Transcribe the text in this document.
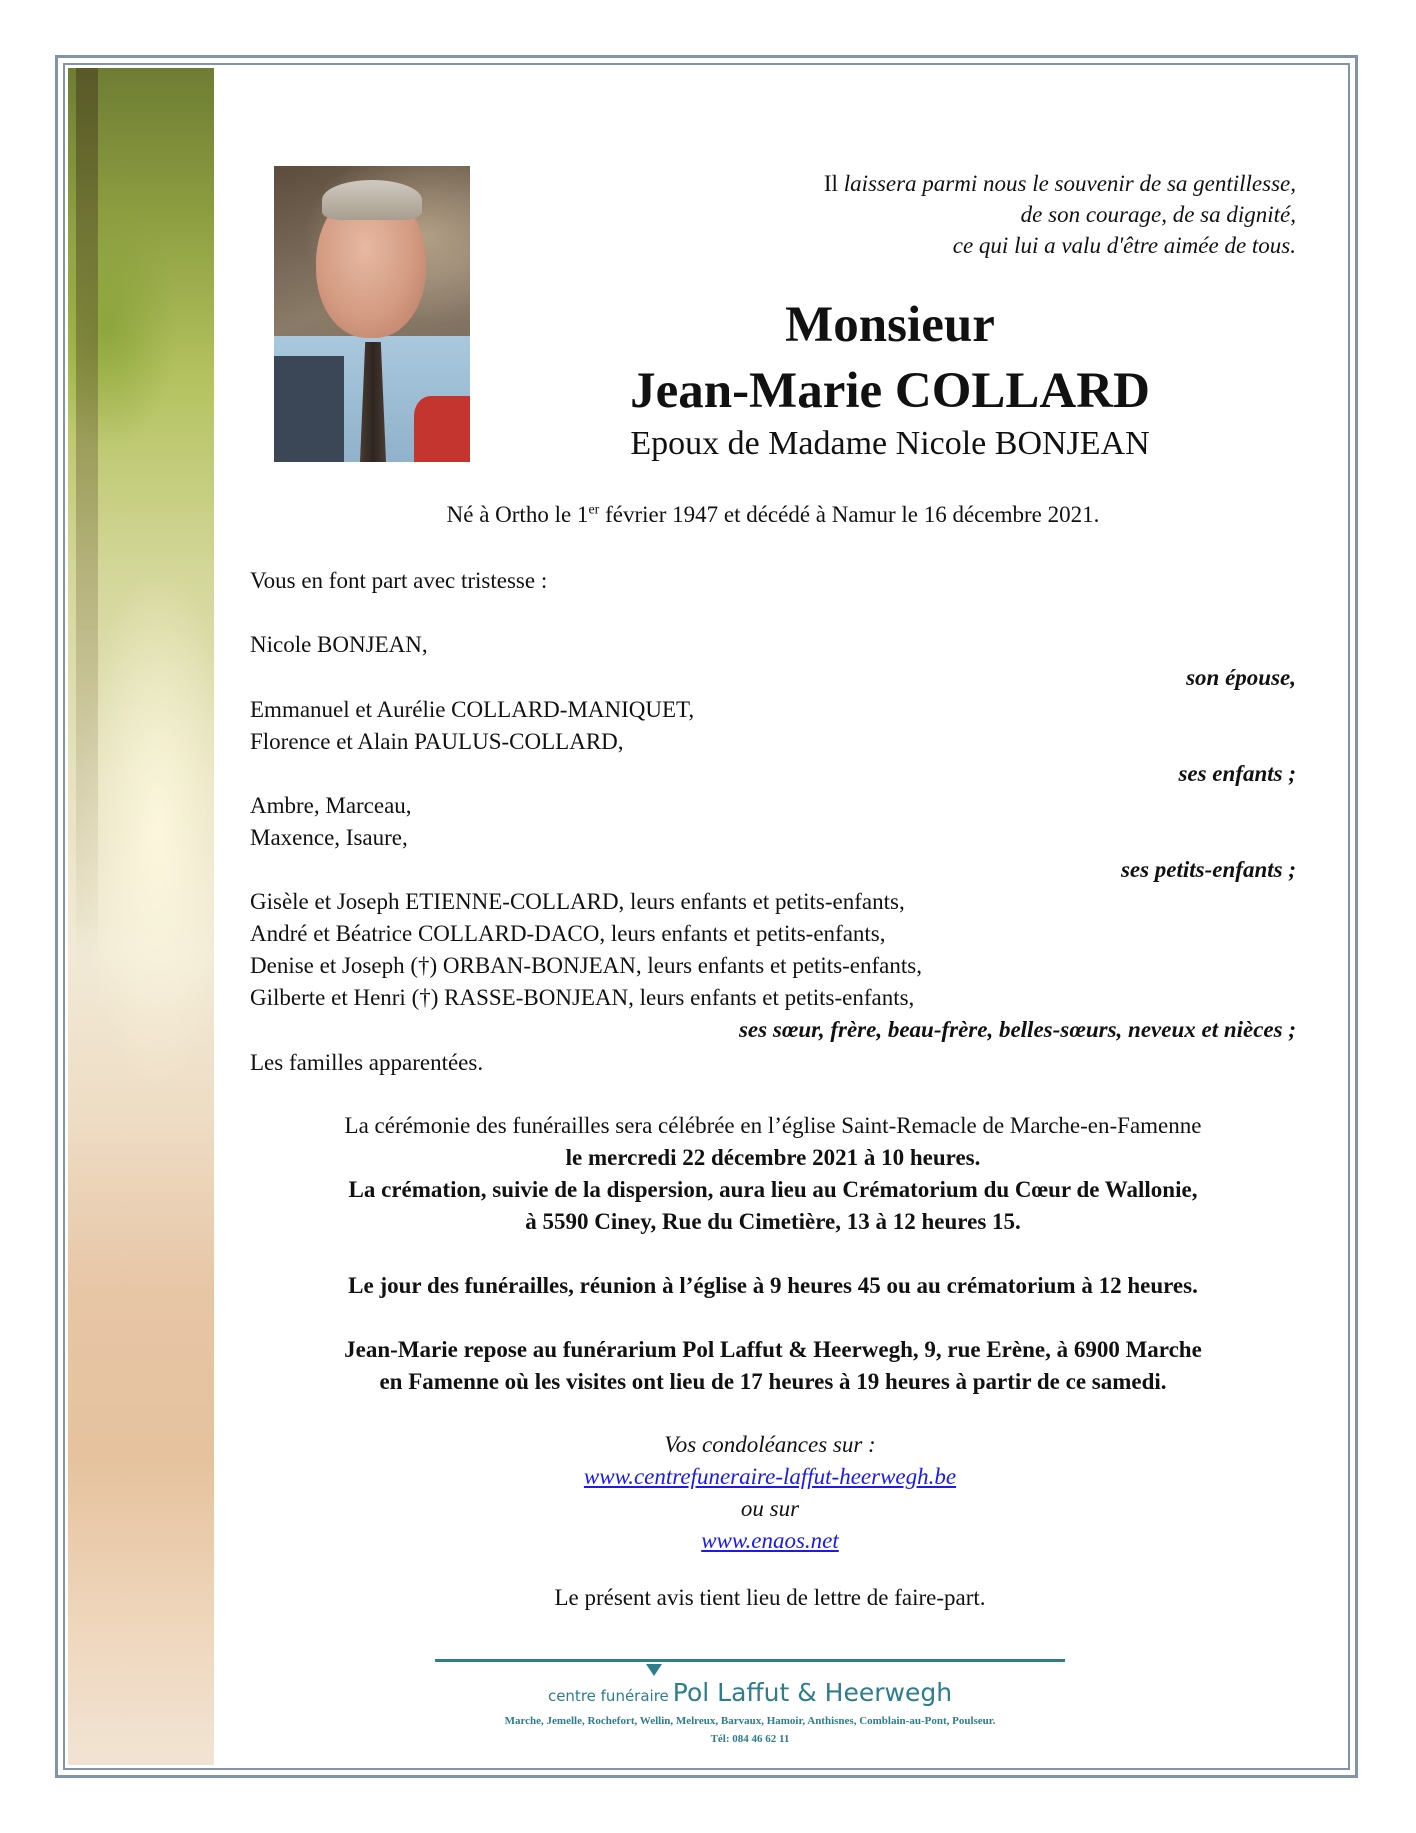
Il laissera parmi nous le souvenir de sa gentillesse,
de son courage, de sa dignité,
ce qui lui a valu d'être aimée de tous.
Monsieur
Jean-Marie COLLARD
Epoux de Madame Nicole BONJEAN
Né à Ortho le 1er février 1947 et décédé à Namur le 16 décembre 2021.
Vous en font part avec tristesse :
Nicole BONJEAN,
son épouse,
Emmanuel et Aurélie COLLARD-MANIQUET,
Florence et Alain PAULUS-COLLARD,
ses enfants ;
Ambre, Marceau,
Maxence, Isaure,
ses petits-enfants ;
Gisèle et Joseph ETIENNE-COLLARD, leurs enfants et petits-enfants,
André et Béatrice COLLARD-DACO, leurs enfants et petits-enfants,
Denise et Joseph (†) ORBAN-BONJEAN, leurs enfants et petits-enfants,
Gilberte et Henri (†) RASSE-BONJEAN, leurs enfants et petits-enfants,
ses sœur, frère, beau-frère, belles-sœurs, neveux et nièces ;
Les familles apparentées.
La cérémonie des funérailles sera célébrée en l’église Saint-Remacle de Marche-en-Famenne
le mercredi 22 décembre 2021 à 10 heures.
La crémation, suivie de la dispersion, aura lieu au Crématorium du Cœur de Wallonie,
à 5590 Ciney, Rue du Cimetière, 13 à 12 heures 15.
Le jour des funérailles, réunion à l’église à 9 heures 45 ou au crématorium à 12 heures.
Jean-Marie repose au funérarium Pol Laffut & Heerwegh, 9, rue Erène, à 6900 Marche
en Famenne où les visites ont lieu de 17 heures à 19 heures à partir de ce samedi.
Vos condoléances sur :
www.centrefuneraire-laffut-heerwegh.be
ou sur
www.enaos.net
Le présent avis tient lieu de lettre de faire-part.
centre funéraire Pol Laffut & Heerwegh
Marche, Jemelle, Rochefort, Wellin, Melreux, Barvaux, Hamoir, Anthisnes, Comblain-au-Pont, Poulseur.
Tél: 084 46 62 11
